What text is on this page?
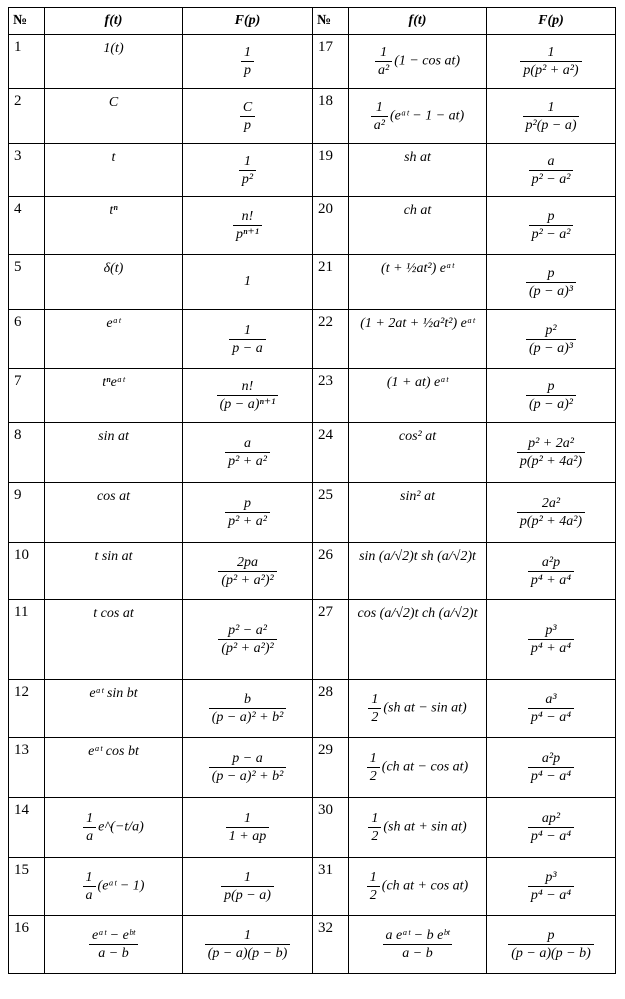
№	f(t)	F(p)	№	f(t)	F(p)
1	1(t)	$\frac{1}{p}$	17	$\frac{1}{\text{a²}} (1 - \cos at)$	$\frac{1}{\text{p(p² + a²)}}$

2	C	$\frac{C}{p}$	18	$\frac{1}{\text{a²}}$ (eᵃᵗ − 1 − at)	$\frac{1}{\text{p²(p − a)}}$

3	t	$\frac{1}{\text{p²}}$	19	sh at	$\frac{a}{\text{p² − a²}}$

4	tⁿ	$\frac{n!}{\text{pⁿ⁺¹}}$	20	ch at	$\frac{p}{\text{p² − a²}}$

5	δ(t)	1	21	(t + ½at²) eᵃᵗ	$\frac{p}{\text{(p − a)³}}$

6	eᵃᵗ	$\frac{1}{p - a}$	22	(1 + 2at + ½a²t²) eᵃᵗ	$\frac{\text{p²}}{\text{(p − a)³}}$

7	tⁿeᵃᵗ	$\frac{n!}{\text{(p − a)ⁿ⁺¹}}$	23	(1 + at) eᵃᵗ	$\frac{p}{\text{(p − a)²}}$

8	sin at	$\frac{a}{\text{p² + a²}}$	24	cos² at	$\frac{\text{p² + 2a²}}{\text{p(p² + 4a²)}}$

9	cos at	$\frac{p}{\text{p² + a²}}$	25	sin² at	$\frac{\text{2a²}}{\text{p(p² + 4a²)}}$

10	t sin at	$\frac{2pa}{\text{(p² + a²)²}}$	26	sin (a/√2)t sh (a/√2)t	$\frac{\text{a²p}}{\text{p⁴ + a⁴}}$

11	t cos at	$\frac{\text{p² − a²}}{\text{(p² + a²)²}}$	27	cos (a/√2)t ch (a/√2)t	$\frac{\text{p³}}{\text{p⁴ + a⁴}}$

12	eᵃᵗ sin bt	$\frac{b}{\text{(p − a)² + b²}}$	28	$\frac{1}{2} (sh$ at − sin at)	$\frac{\text{a³}}{\text{p⁴ − a⁴}}$

13	eᵃᵗ cos bt	$\frac{p - a}{\text{(p − a)² + b²}}$	29	$\frac{1}{2} (ch$ at − cos at)	$\frac{\text{a²p}}{\text{p⁴ − a⁴}}$

14	$\frac{1}{a}$ e^(−t/a)	$\frac{1}{1 + ap}$	30	$\frac{1}{2} (sh$ at + sin at)	$\frac{\text{ap²}}{\text{p⁴ − a⁴}}$

15	$\frac{1}{a}$ (eᵃᵗ − 1)	$\frac{1}{p(p - a)}$	31	$\frac{1}{2} (ch$ at + cos at)	$\frac{\text{p³}}{\text{p⁴ − a⁴}}$

16	$\frac{\text{eᵃᵗ − eᵇᵗ}}{a - b}$	$\frac{1}{(p - a)(p - b)}$	32	$\frac{\text{a eᵃᵗ − b eᵇᵗ}}{a - b}$	$\frac{p}{(p - a)(p - b)}$
